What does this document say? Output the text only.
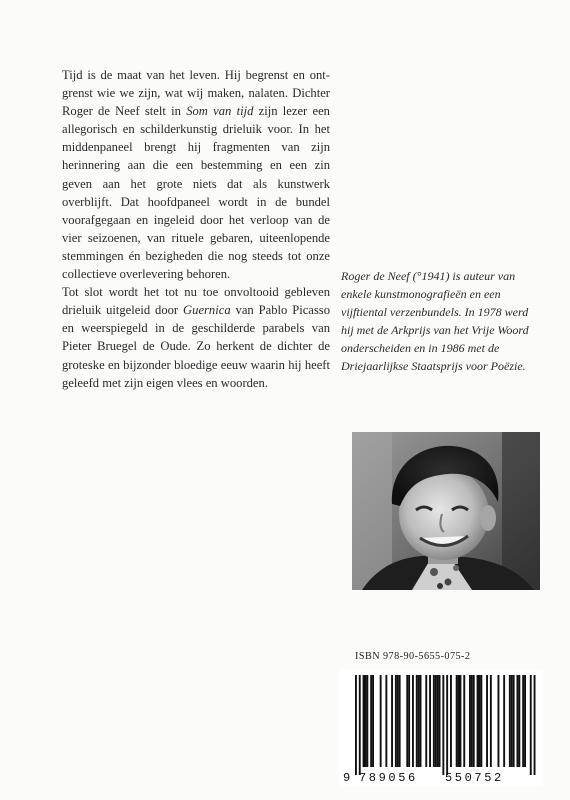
Tijd is de maat van het leven. Hij begrenst en ontgrenst wie we zijn, wat wij maken, nalaten. Dichter Roger de Neef stelt in Som van tijd zijn lezer een allegorisch en schilderkunstig drieluik voor. In het middenpaneel brengt hij fragmenten van zijn herinnering aan die een bestemming en een zin geven aan het grote niets dat als kunstwerk overblijft. Dat hoofdpaneel wordt in de bundel voorafgegaan en ingeleid door het verloop van de vier seizoenen, van rituele gebaren, uiteenlopende stemmingen én bezigheden die nog steeds tot onze collectieve overlevering behoren.

Tot slot wordt het tot nu toe onvoltooid gebleven drieluik uitgeleid door Guernica van Pablo Picasso en weerspiegeld in de geschilderde parabels van Pieter Bruegel de Oude. Zo herkent de dichter de groteske en bijzonder bloedige eeuw waarin hij heeft geleefd met zijn eigen vlees en woorden.

Roger de Neef (°1941) is auteur van enkele kunstmonografieën en een vijftiental verzenbundels. In 1978 werd hij met de Arkprijs van het Vrije Woord onderscheiden en in 1986 met de Driejaarlijkse Staatsprijs voor Poëzie.
ISBN 978-90-5655-075-2
9 789056 550752
